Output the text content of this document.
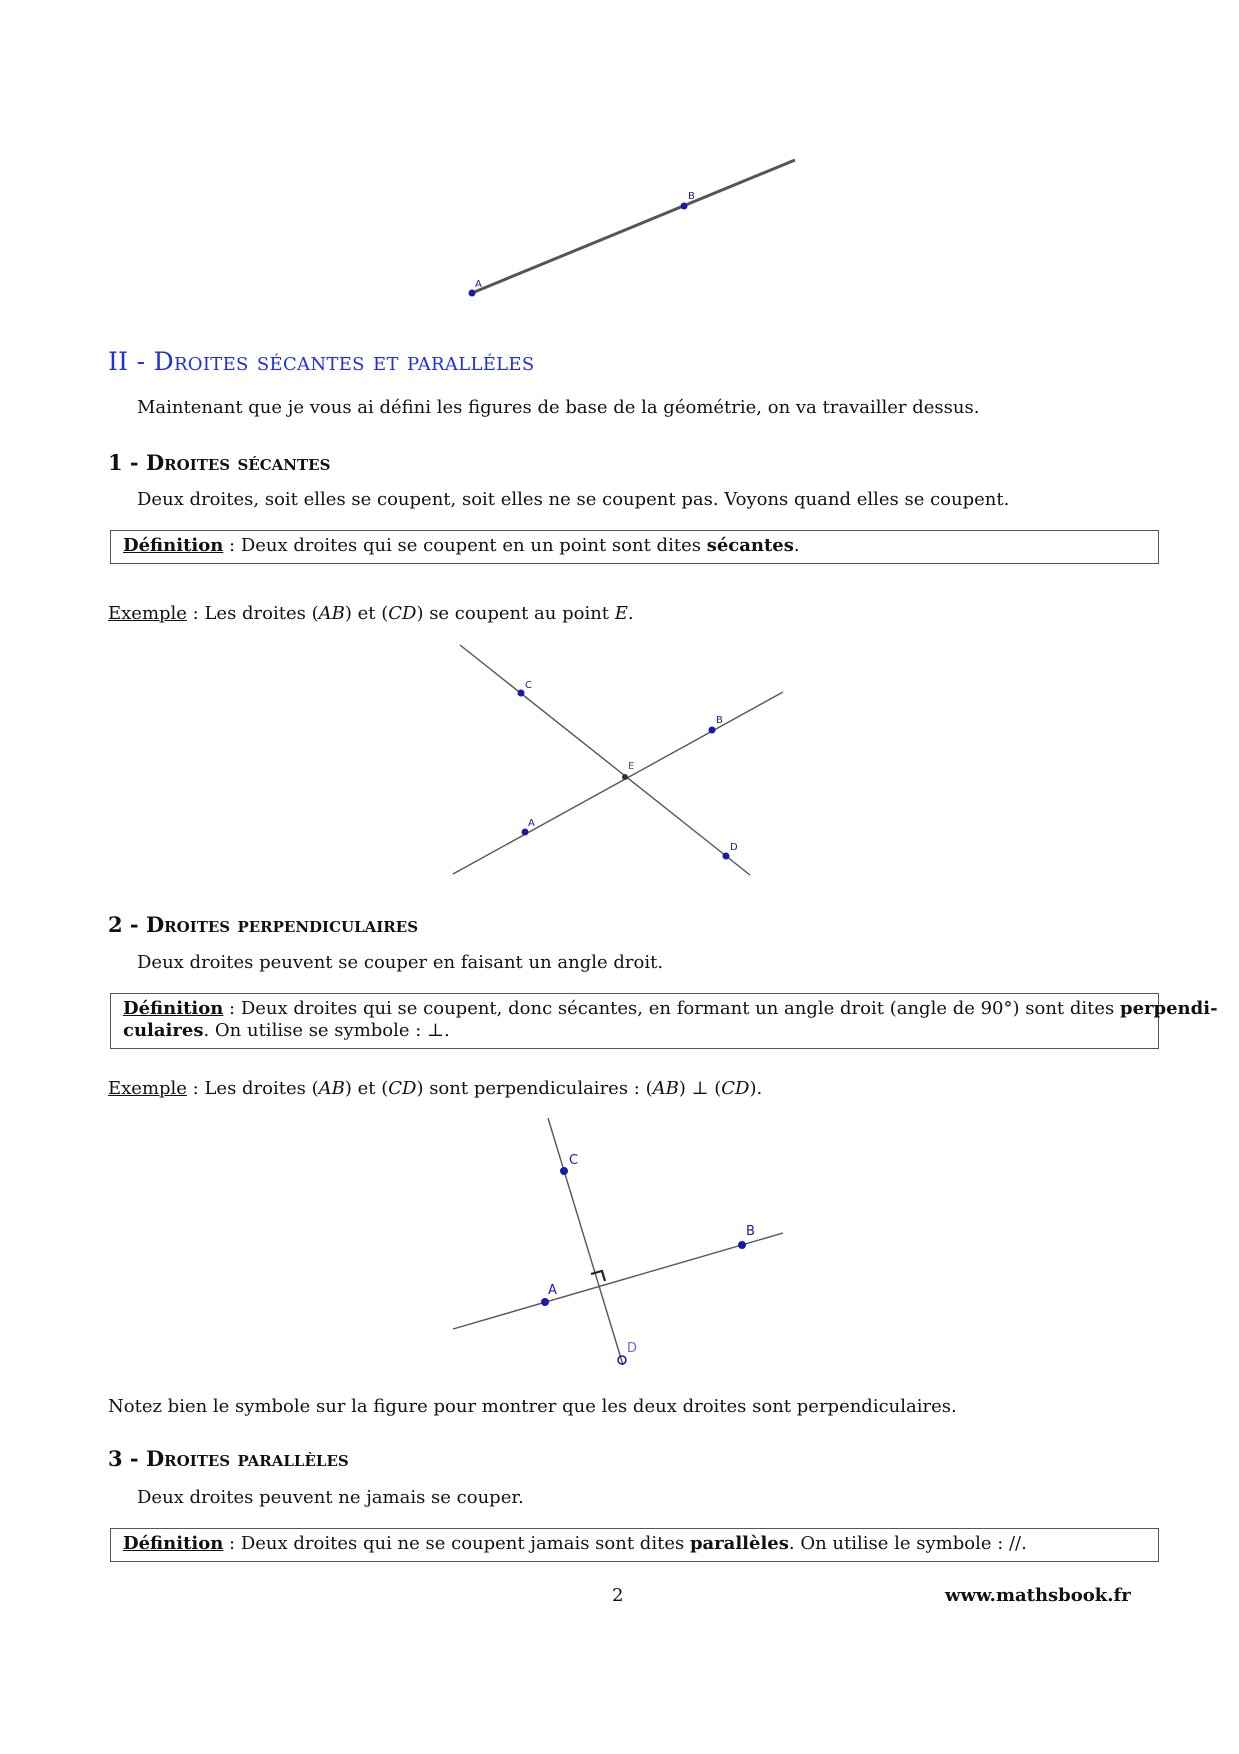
A
B
II - Droites sécantes et paralléles
Maintenant que je vous ai défini les figures de base de la géométrie, on va travailler dessus.
1 - Droites sécantes
Deux droites, soit elles se coupent, soit elles ne se coupent pas. Voyons quand elles se coupent.
Définition : Deux droites qui se coupent en un point sont dites sécantes.
Exemple : Les droites (AB) et (CD) se coupent au point E.
C
B
E
A
D
2 - Droites perpendiculaires
Deux droites peuvent se couper en faisant un angle droit.
Définition : Deux droites qui se coupent, donc sécantes, en formant un angle droit (angle de 90°) sont dites perpendi-
culaires. On utilise se symbole : ⊥.
Exemple : Les droites (AB) et (CD) sont perpendiculaires : (AB) ⊥ (CD).
C
B
A
D
Notez bien le symbole sur la figure pour montrer que les deux droites sont perpendiculaires.
3 - Droites parallèles
Deux droites peuvent ne jamais se couper.
Définition : Deux droites qui ne se coupent jamais sont dites parallèles. On utilise le symbole : //.
2	www.mathsbook.fr
